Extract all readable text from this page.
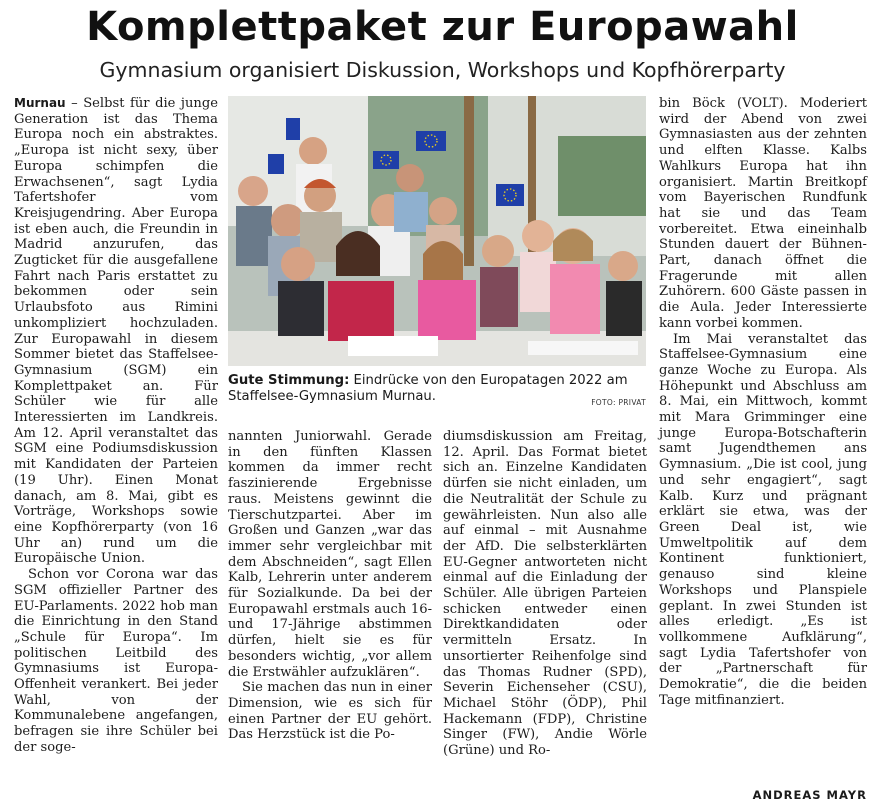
Komplettpaket zur Europawahl
Gymnasium organisiert Diskussion, Workshops und Kopfhörerparty

Murnau – Selbst für die junge Generation ist das Thema Europa noch ein abstraktes. „Europa ist nicht sexy, über Europa schimpfen die Erwachsenen“, sagt Lydia Tafertshofer vom Kreisjugendring. Aber Europa ist eben auch, die Freundin in Madrid anzurufen, das Zugticket für die ausgefallene Fahrt nach Paris erstattet zu bekommen oder sein Urlaubsfoto aus Rimini unkompliziert hochzuladen. Zur Europawahl in diesem Sommer bietet das Staffelsee-Gymnasium (SGM) ein Komplettpaket an. Für Schüler wie für alle Interessierten im Landkreis. Am 12. April veranstaltet das SGM eine Podiumsdiskussion mit Kandidaten der Parteien (19 Uhr). Einen Monat danach, am 8. Mai, gibt es Vorträge, Workshops sowie eine Kopfhörerparty (von 16 Uhr an) rund um die Europäische Union.

Schon vor Corona war das SGM offizieller Partner des EU-Parlaments. 2022 hob man die Einrichtung in den Stand „Schule für Europa“. Im politischen Leitbild des Gymnasiums ist Europa-Offenheit verankert. Bei jeder Wahl, von der Kommunalebene angefangen, befragen sie ihre Schüler bei der soge-

Gute Stimmung: Eindrücke von den Europatagen 2022 am Staffelsee-Gymnasium Murnau.	FOTO: PRIVAT

nannten Juniorwahl. Gerade in den fünften Klassen kommen da immer recht faszinierende Ergebnisse raus. Meistens gewinnt die Tierschutzpartei. Aber im Großen und Ganzen „war das immer sehr vergleichbar mit dem Abschneiden“, sagt Ellen Kalb, Lehrerin unter anderem für Sozialkunde. Da bei der Europawahl erstmals auch 16- und 17-Jährige abstimmen dürfen, hielt sie es für besonders wichtig, „vor allem die Erstwähler aufzuklären“.

Sie machen das nun in einer Dimension, wie es sich für einen Partner der EU gehört. Das Herzstück ist die Po-

diumsdiskussion am Freitag, 12. April. Das Format bietet sich an. Einzelne Kandidaten dürfen sie nicht einladen, um die Neutralität der Schule zu gewährleisten. Nun also alle auf einmal – mit Ausnahme der AfD. Die selbsterklärten EU-Gegner antworteten nicht einmal auf die Einladung der Schüler. Alle übrigen Parteien schicken entweder einen Direktkandidaten oder vermitteln Ersatz. In unsortierter Reihenfolge sind das Thomas Rudner (SPD), Severin Eichenseher (CSU), Michael Stöhr (ÖDP), Phil Hackemann (FDP), Christine Singer (FW), Andie Wörle (Grüne) und Ro-

bin Böck (VOLT). Moderiert wird der Abend von zwei Gymnasiasten aus der zehnten und elften Klasse. Kalbs Wahlkurs Europa hat ihn organisiert. Martin Breitkopf vom Bayerischen Rundfunk hat sie und das Team vorbereitet. Etwa eineinhalb Stunden dauert der Bühnen-Part, danach öffnet die Fragerunde mit allen Zuhörern. 600 Gäste passen in die Aula. Jeder Interessierte kann vorbei kommen.

Im Mai veranstaltet das Staffelsee-Gymnasium eine ganze Woche zu Europa. Als Höhepunkt und Abschluss am 8. Mai, ein Mittwoch, kommt mit Mara Grimminger eine junge Europa-Botschafterin samt Jugendthemen ans Gymnasium. „Die ist cool, jung und sehr engagiert“, sagt Kalb. Kurz und prägnant erklärt sie etwa, was der Green Deal ist, wie Umweltpolitik auf dem Kontinent funktioniert, genauso sind kleine Workshops und Planspiele geplant. In zwei Stunden ist alles erledigt. „Es ist vollkommene Aufklärung“, sagt Lydia Tafertshofer von der „Partnerschaft für Demokratie“, die die beiden Tage mitfinanziert.

ANDREAS MAYR
